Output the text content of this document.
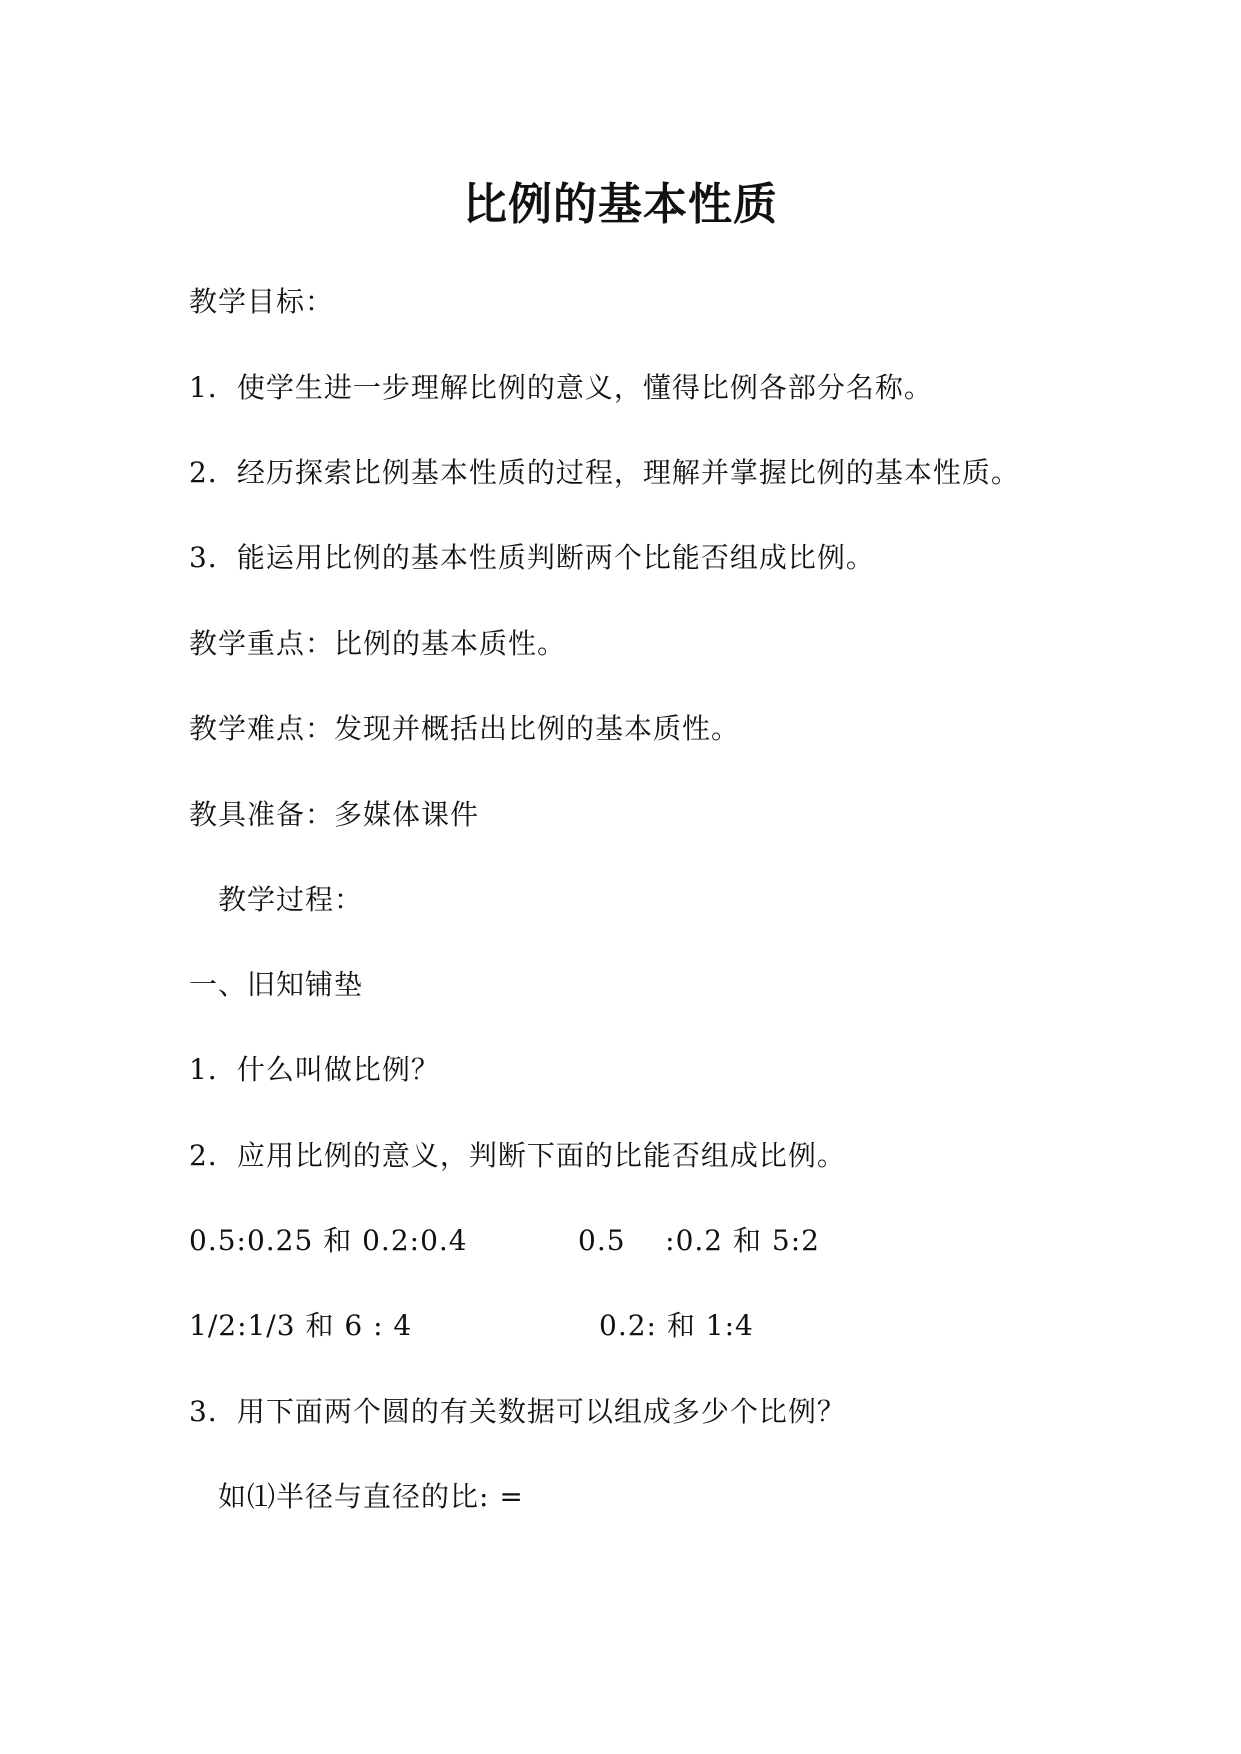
比例的基本性质
教学目标：
1．使学生进一步理解比例的意义，懂得比例各部分名称。
2．经历探索比例基本性质的过程，理解并掌握比例的基本性质。
3．能运用比例的基本性质判断两个比能否组成比例。
教学重点：比例的基本质性。
教学难点：发现并概括出比例的基本质性。
教具准备：多媒体课件
教学过程：
一、旧知铺垫
1．什么叫做比例？
2．应用比例的意义，判断下面的比能否组成比例。
0.5:0.25 和 0.2:0.4	0.5    :0.2 和 5:2
1/2:1/3 和 6 : 4	0.2: 和 1:4
3．用下面两个圆的有关数据可以组成多少个比例？
如⑴半径与直径的比: =
